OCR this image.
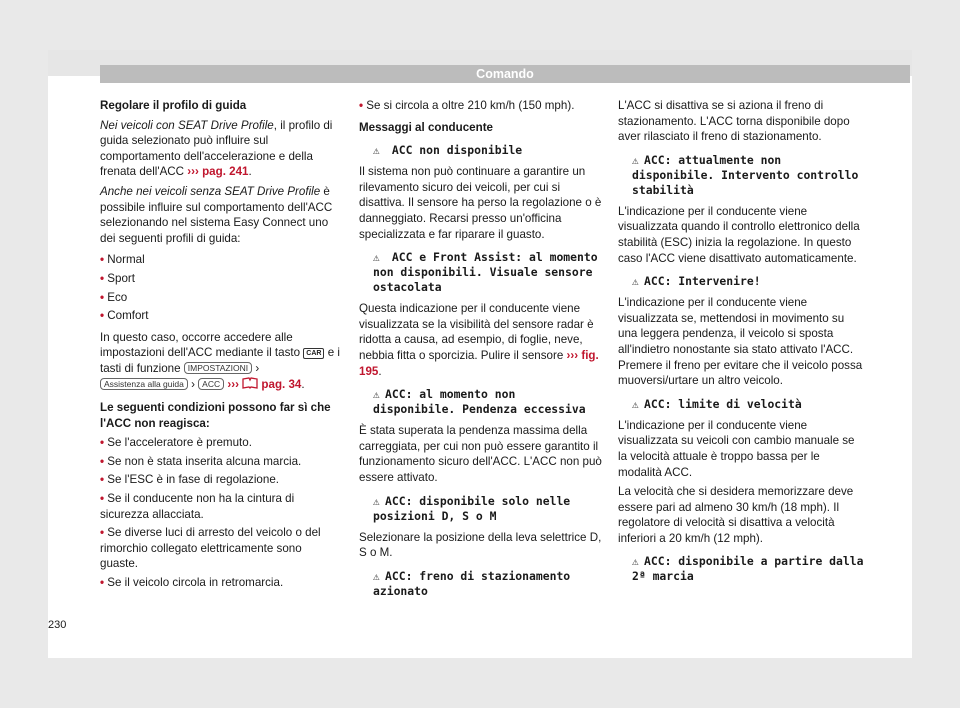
Comando

Regolare il profilo di guida

Nei veicoli con SEAT Drive Profile, il profilo di guida selezionato può influire sul comportamento dell'accelerazione e della frenata dell'ACC ››› pag. 241.

Anche nei veicoli senza SEAT Drive Profile è possibile influire sul comportamento dell'ACC selezionando nel sistema Easy Connect uno dei seguenti profili di guida:

• Normal
• Sport
• Eco
• Comfort

In questo caso, occorre accedere alle impostazioni dell'ACC mediante il tasto CAR e i tasti di funzione IMPOSTAZIONI › Assistenza alla guida › ACC ››› pag. 34.

Le seguenti condizioni possono far sì che l'ACC non reagisca:

• Se l'acceleratore è premuto.
• Se non è stata inserita alcuna marcia.
• Se l'ESC è in fase di regolazione.
• Se il conducente non ha la cintura di sicurezza allacciata.
• Se diverse luci di arresto del veicolo o del rimorchio collegato elettricamente sono guaste.
• Se il veicolo circola in retromarcia.
• Se si circola a oltre 210 km/h (150 mph).

Messaggi al conducente

⚠ ACC non disponibile

Il sistema non può continuare a garantire un rilevamento sicuro dei veicoli, per cui si disattiva. Il sensore ha perso la regolazione o è danneggiato. Recarsi presso un'officina specializzata e far riparare il guasto.

⚠ ACC e Front Assist: al momento non disponibili. Visuale sensore ostacolata

Questa indicazione per il conducente viene visualizzata se la visibilità del sensore radar è ridotta a causa, ad esempio, di foglie, neve, nebbia fitta o sporcizia. Pulire il sensore ››› fig. 195.

⚠ ACC: al momento non disponibile. Pendenza eccessiva

È stata superata la pendenza massima della carreggiata, per cui non può essere garantito il funzionamento sicuro dell'ACC. L'ACC non può essere attivato.

⚠ ACC: disponibile solo nelle posizioni D, S o M

Selezionare la posizione della leva selettrice D, S o M.

⚠ ACC: freno di stazionamento azionato

L'ACC si disattiva se si aziona il freno di stazionamento. L'ACC torna disponibile dopo aver rilasciato il freno di stazionamento.

⚠ ACC: attualmente non disponibile. Intervento controllo stabilità

L'indicazione per il conducente viene visualizzata quando il controllo elettronico della stabilità (ESC) inizia la regolazione. In questo caso l'ACC viene disattivato automaticamente.

⚠ ACC: Intervenire!

L'indicazione per il conducente viene visualizzata se, mettendosi in movimento su una leggera pendenza, il veicolo si sposta all'indietro nonostante sia stato attivato l'ACC. Premere il freno per evitare che il veicolo possa muoversi/urtare un altro veicolo.

⚠ ACC: limite di velocità

L'indicazione per il conducente viene visualizzata su veicoli con cambio manuale se la velocità attuale è troppo bassa per le modalità ACC.

La velocità che si desidera memorizzare deve essere pari ad almeno 30 km/h (18 mph). Il regolatore di velocità si disattiva a velocità inferiori a 20 km/h (12 mph).

⚠ ACC: disponibile a partire dalla 2ª marcia
230
